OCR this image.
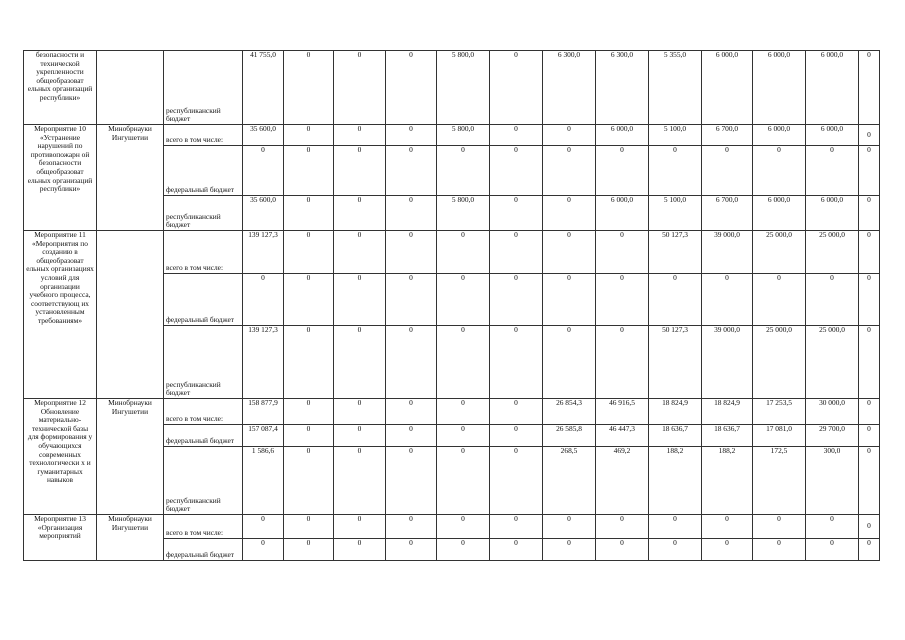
безопасности и технической укрепленности общеобразоват ельных организаций республики»		республиканский бюджет	41 755,0	0	0	0	5 800,0	0	6 300,0	6 300,0	5 355,0	6 000,0	6 000,0	6 000,0	0
Мероприятие 10 «Устранение нарушений по противопожарн ой безопасности общеобразоват ельных организаций республики»	Минобрнауки Ингушетии	всего в том числе:	35 600,0	0	0	0	5 800,0	0	0	6 000,0	5 100,0	6 700,0	6 000,0	6 000,0	0
		федеральный бюджет	0	0	0	0	0	0	0	0	0	0	0	0	0
		республиканский бюджет	35 600,0	0	0	0	5 800,0	0	0	6 000,0	5 100,0	6 700,0	6 000,0	6 000,0	0
Мероприятие 11 «Мероприятия по созданию в общеобразоват ельных организациях условий для организации учебного процесса, соответствующ их установленным требованиям»		всего в том числе:	139 127,3	0	0	0	0	0	0	0	50 127,3	39 000,0	25 000,0	25 000,0	0
		федеральный бюджет	0	0	0	0	0	0	0	0	0	0	0	0	0
		республиканский бюджет	139 127,3	0	0	0	0	0	0	0	50 127,3	39 000,0	25 000,0	25 000,0	0
Мероприятие 12 Обновление материально-технической базы для формирования у обучающихся современных технологически х и гуманитарных навыков	Минобрнауки Ингушетии	всего в том числе:	158 877,9	0	0	0	0	0	26 854,3	46 916,5	18 824,9	18 824,9	17 253,5	30 000,0	0
		федеральный бюджет	157 087,4	0	0	0	0	0	26 585,8	46 447,3	18 636,7	18 636,7	17 081,0	29 700,0	0
		республиканский бюджет	1 586,6	0	0	0	0	0	268,5	469,2	188,2	188,2	172,5	300,0	0
Мероприятие 13 «Организация мероприятий	Минобрнауки Ингушетии	всего в том числе:	0	0	0	0	0	0	0	0	0	0	0	0	0
		федеральный бюджет	0	0	0	0	0	0	0	0	0	0	0	0	0
